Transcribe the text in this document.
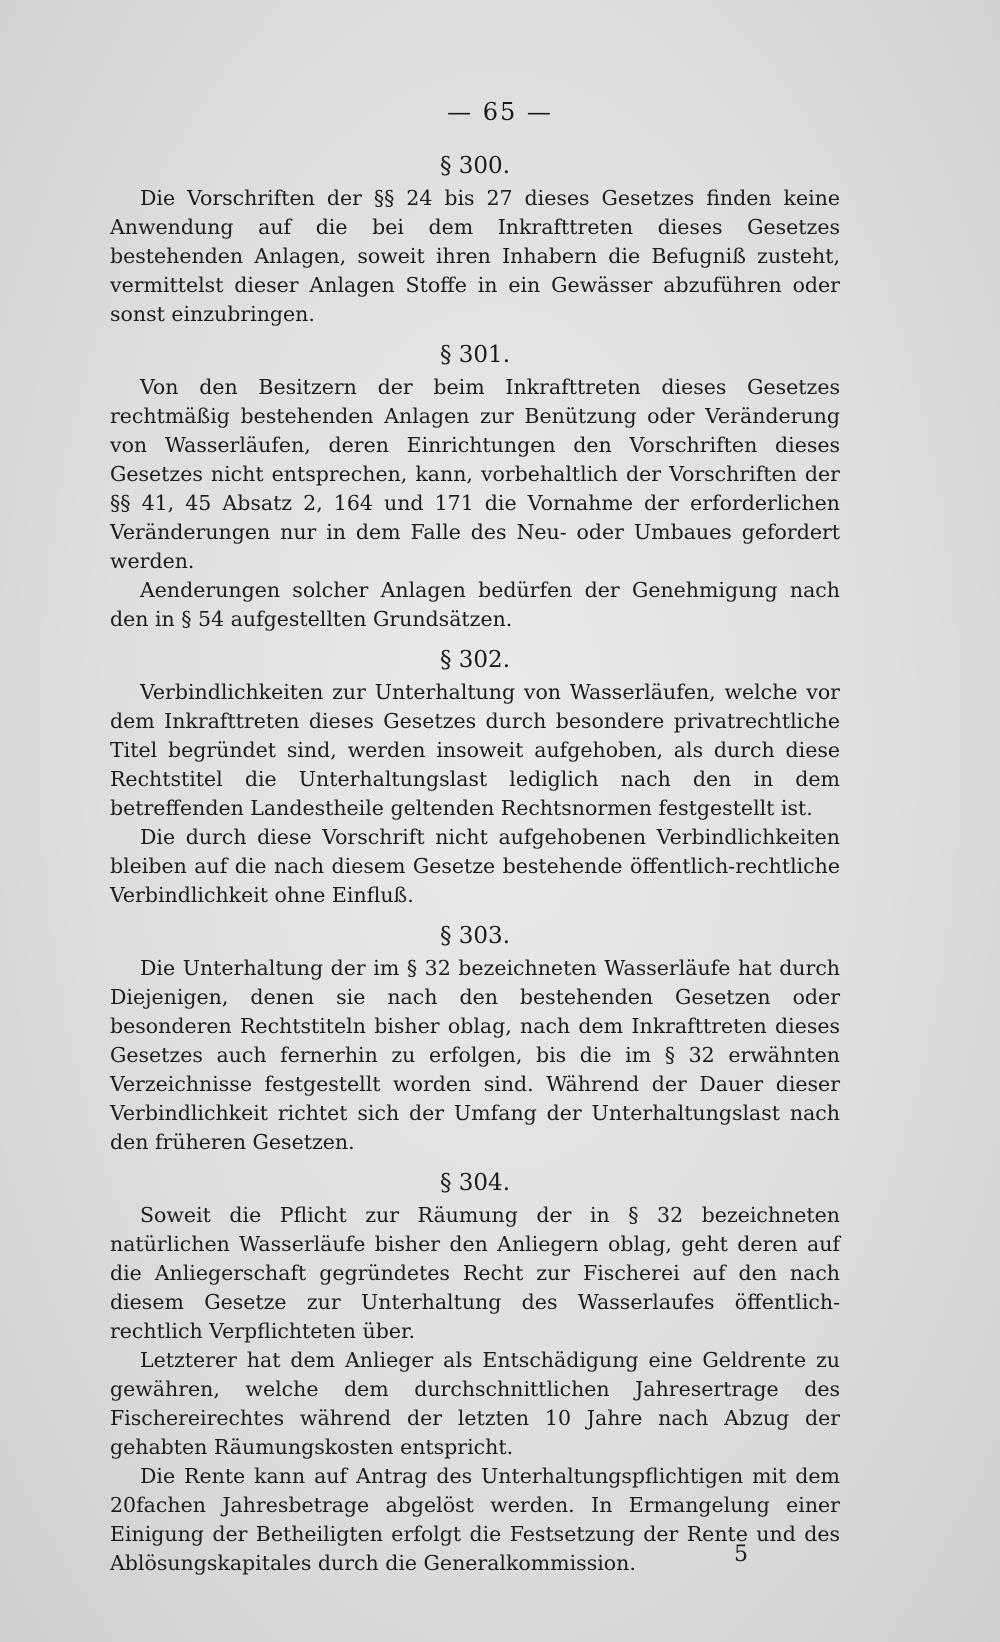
— 65 —

§ 300.

Die Vorschriften der §§ 24 bis 27 dieses Gesetzes finden keine Anwendung auf die bei dem Inkrafttreten dieses Gesetzes bestehenden Anlagen, soweit ihren Inhabern die Befugniß zusteht, vermittelst dieser Anlagen Stoffe in ein Gewässer abzuführen oder sonst einzubringen.

§ 301.

Von den Besitzern der beim Inkrafttreten dieses Gesetzes rechtmäßig bestehenden Anlagen zur Benützung oder Veränderung von Wasserläufen, deren Einrichtungen den Vorschriften dieses Gesetzes nicht entsprechen, kann, vorbehaltlich der Vorschriften der §§ 41, 45 Absatz 2, 164 und 171 die Vornahme der erforderlichen Veränderungen nur in dem Falle des Neu- oder Umbaues gefordert werden.

Aenderungen solcher Anlagen bedürfen der Genehmigung nach den in § 54 aufgestellten Grundsätzen.

§ 302.

Verbindlichkeiten zur Unterhaltung von Wasserläufen, welche vor dem Inkrafttreten dieses Gesetzes durch besondere privatrechtliche Titel begründet sind, werden insoweit aufgehoben, als durch diese Rechtstitel die Unterhaltungslast lediglich nach den in dem betreffenden Landestheile geltenden Rechtsnormen festgestellt ist.

Die durch diese Vorschrift nicht aufgehobenen Verbindlichkeiten bleiben auf die nach diesem Gesetze bestehende öffentlich-rechtliche Verbindlichkeit ohne Einfluß.

§ 303.

Die Unterhaltung der im § 32 bezeichneten Wasserläufe hat durch Diejenigen, denen sie nach den bestehenden Gesetzen oder besonderen Rechtstiteln bisher oblag, nach dem Inkrafttreten dieses Gesetzes auch fernerhin zu erfolgen, bis die im § 32 erwähnten Verzeichnisse festgestellt worden sind. Während der Dauer dieser Verbindlichkeit richtet sich der Umfang der Unterhaltungslast nach den früheren Gesetzen.

§ 304.

Soweit die Pflicht zur Räumung der in § 32 bezeichneten natürlichen Wasserläufe bisher den Anliegern oblag, geht deren auf die Anliegerschaft gegründetes Recht zur Fischerei auf den nach diesem Gesetze zur Unterhaltung des Wasserlaufes öffentlich-rechtlich Verpflichteten über.

Letzterer hat dem Anlieger als Entschädigung eine Geldrente zu gewähren, welche dem durchschnittlichen Jahresertrage des Fischereirechtes während der letzten 10 Jahre nach Abzug der gehabten Räumungskosten entspricht.

Die Rente kann auf Antrag des Unterhaltungspflichtigen mit dem 20fachen Jahresbetrage abgelöst werden. In Ermangelung einer Einigung der Betheiligten erfolgt die Festsetzung der Rente und des Ablösungskapitales durch die Generalkommission.	5
